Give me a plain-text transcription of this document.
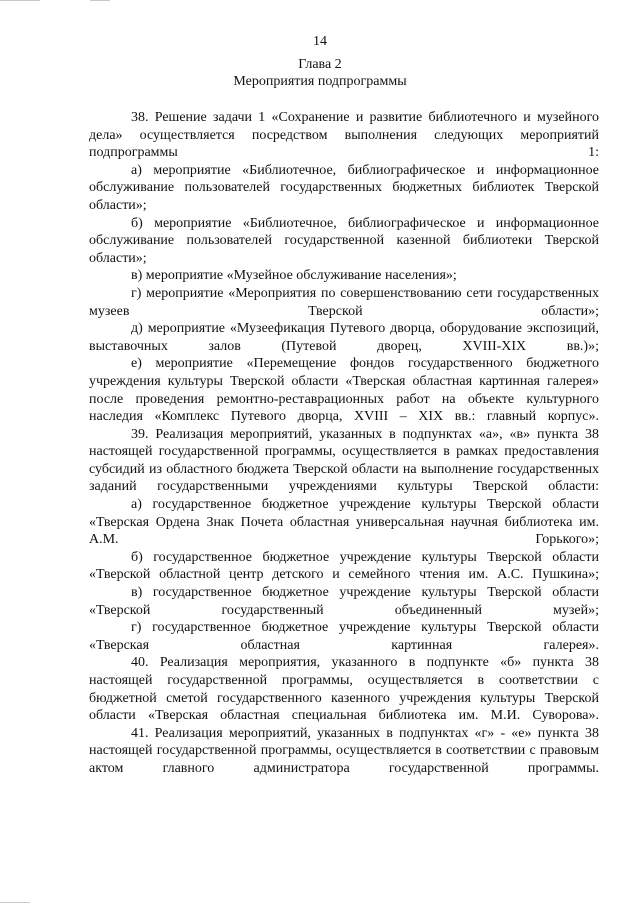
14
Глава 2
Мероприятия подпрограммы

38. Решение задачи 1 «Сохранение и развитие библиотечного и музейного дела» осуществляется посредством выполнения следующих мероприятий подпрограммы 1:

а) мероприятие «Библиотечное, библиографическое и информационное обслуживание пользователей государственных бюджетных библиотек Тверской области»;

б) мероприятие «Библиотечное, библиографическое и информационное обслуживание пользователей государственной казенной библиотеки Тверской области»;

в) мероприятие «Музейное обслуживание населения»;

г) мероприятие «Мероприятия по совершенствованию сети государственных музеев Тверской области»;

д) мероприятие «Музеефикация Путевого дворца, оборудование экспозиций, выставочных залов (Путевой дворец, XVIII-XIX вв.)»;

е) мероприятие «Перемещение фондов государственного бюджетного учреждения культуры Тверской области «Тверская областная картинная галерея» после проведения ремонтно-реставрационных работ на объекте культурного наследия «Комплекс Путевого дворца, XVIII – XIX вв.: главный корпус».

39. Реализация мероприятий, указанных в подпунктах «а», «в» пункта 38 настоящей государственной программы, осуществляется в рамках предоставления субсидий из областного бюджета Тверской области на выполнение государственных заданий государственными учреждениями культуры Тверской области:

а) государственное бюджетное учреждение культуры Тверской области «Тверская Ордена Знак Почета областная универсальная научная библиотека им. А.М. Горького»;

б) государственное бюджетное учреждение культуры Тверской области «Тверской областной центр детского и семейного чтения им. А.С. Пушкина»;

в) государственное бюджетное учреждение культуры Тверской области «Тверской государственный объединенный музей»;

г) государственное бюджетное учреждение культуры Тверской области «Тверская областная картинная галерея».

40. Реализация мероприятия, указанного в подпункте «б» пункта 38 настоящей государственной программы, осуществляется в соответствии с бюджетной сметой государственного казенного учреждения культуры Тверской области «Тверская областная специальная библиотека им. М.И. Суворова».

41. Реализация мероприятий, указанных в подпунктах «г» - «е» пункта 38 настоящей государственной программы, осуществляется в соответствии с правовым актом главного администратора государственной программы.
